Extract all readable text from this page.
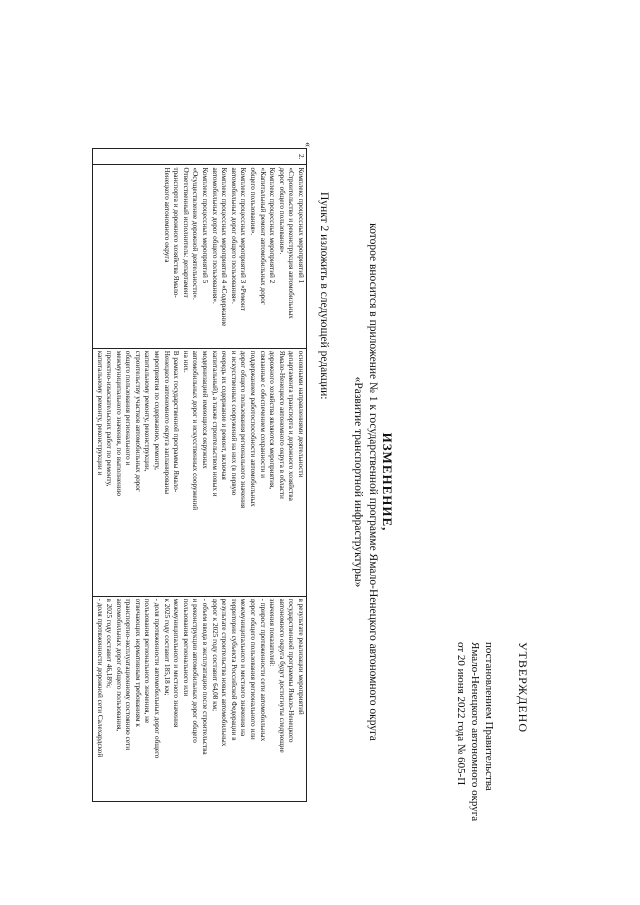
УТВЕРЖДЕНО
постановлением Правительства
Ямало-Ненецкого автономного округа
от 20 июня 2022 года № 605-П
ИЗМЕНЕНИЕ,
которое вносится в приложение № 1 к государственной программе Ямало-Ненецкого автономного округа
«Развитие транспортной инфраструктуры»
Пункт 2 изложить в следующей редакции:
«
2.	
Комплекс процессных мероприятий 1
«Строительство и реконструкция автомобильных
дорог общего пользования».
Комплекс процессных мероприятий 2
«Капитальный ремонт автомобильных дорог
общего пользования».
Комплекс процессных мероприятий 3 «Ремонт
автомобильных дорог общего пользования».
Комплекс процессных мероприятий 4 «Содержание
автомобильных дорог общего пользования».
Комплекс процессных мероприятий 5
«Осуществление дорожной деятельности».
Ответственный исполнитель: департамент
транспорта и дорожного хозяйства Ямало-
Ненецкого автономного округа

основными направлениями деятельности
департамента транспорта и дорожного хозяйства
Ямало-Ненецкого автономного округа в области
дорожного хозяйства являются мероприятия,
связанные с обеспечением сохранности и
поддержанием работоспособности автомобильных
дорог общего пользования регионального значения
и искусственных сооружений на них (в первую
очередь их содержание и ремонт, включая
капитальный), а также строительством новых и
модернизацией имеющихся окружных
автомобильных дорог и искусственных сооружений
на них.
В рамках государственной программы Ямало-
Ненецкого автономного округа запланированы
мероприятия по содержанию, ремонту,
капитальному ремонту, реконструкции,
строительству участков автомобильных дорог
общего пользования регионального и
межмуниципального значения, по выполнению
проектно-изыскательских работ по ремонту,
капитальному ремонту, реконструкции и

в результате реализации мероприятий
государственной программы Ямало-Ненецкого
автономного округа будут достигнуты следующие
значения показателей:
- прирост протяженности сети автомобильных
дорог общего пользования регионального или
межмуниципального и местного значения на
территории субъекта Российской Федерации в
результате строительства новых автомобильных
дорог к 2025 году составит 64,08 км;
- объем ввода в эксплуатацию после строительства
и реконструкции автомобильных дорог общего
пользования регионального или
межмуниципального и местного значения
к 2025 году составит 185,18 км;
- доля протяженности автомобильных дорог общего
пользования регионального значения, не
отвечающих нормативным требованиям к
транспортно-эксплуатационному состоянию сети
автомобильных дорог общего пользования,
в 2025 году составит 46,18%;
- доля протяженности дорожной сети Салехардской
